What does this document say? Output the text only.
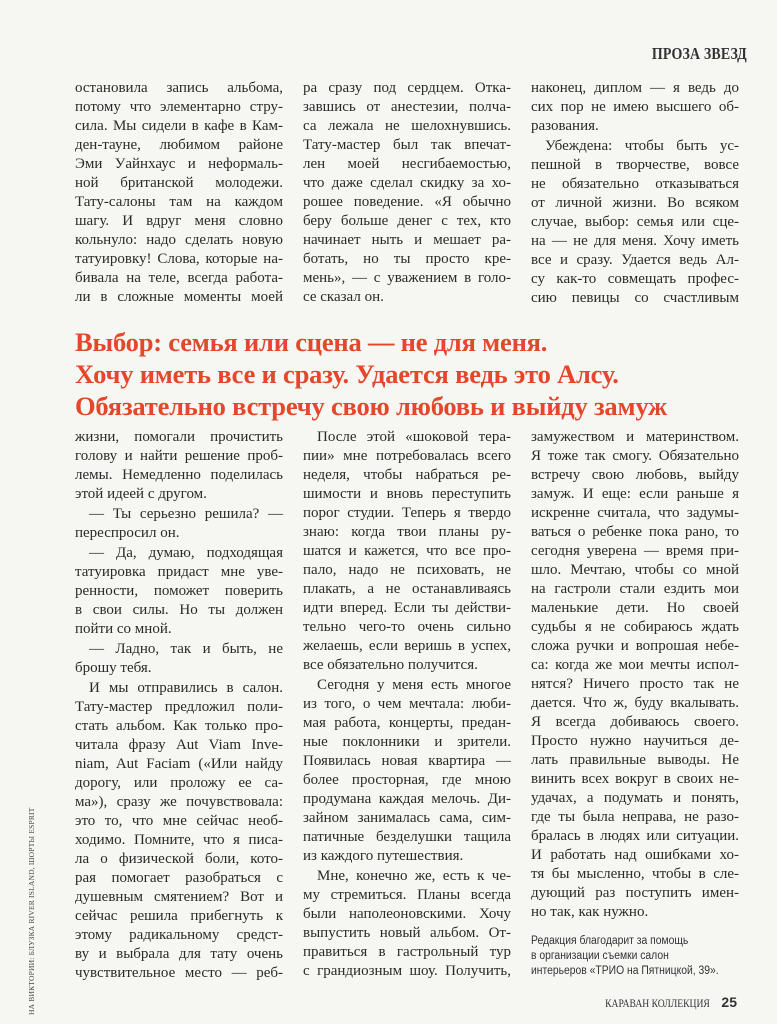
ПРОЗА ЗВЕЗД
остановила запись альбома,
потому что элементарно стру-
сила. Мы сидели в кафе в Кам-
ден-тауне, любимом районе
Эми Уайнхаус и неформаль-
ной британской молодежи.
Тату-салоны там на каждом
шагу. И вдруг меня словно
кольнуло: надо сделать новую
татуировку! Слова, которые на-
бивала на теле, всегда работа-
ли в сложные моменты моей
ра сразу под сердцем. Отка-
завшись от анестезии, полча-
са лежала не шелохнувшись.
Тату-мастер был так впечат-
лен моей несгибаемостью,
что даже сделал скидку за хо-
рошее поведение. «Я обычно
беру больше денег с тех, кто
начинает ныть и мешает ра-
ботать, но ты просто кре-
мень», — с уважением в голо-
се сказал он.
наконец, диплом — я ведь до
сих пор не имею высшего об-
разования.
Убеждена: чтобы быть ус-
пешной в творчестве, вовсе
не обязательно отказываться
от личной жизни. Во всяком
случае, выбор: семья или сце-
на — не для меня. Хочу иметь
все и сразу. Удается ведь Ал-
су как-то совмещать профес-
сию певицы со счастливым
Выбор: семья или сцена — не для меня.
Хочу иметь все и сразу. Удается ведь это Алсу.
Обязательно встречу свою любовь и выйду замуж
жизни, помогали прочистить
голову и найти решение проб-
лемы. Немедленно поделилась
этой идеей с другом.
— Ты серьезно решила? —
переспросил он.
— Да, думаю, подходящая
татуировка придаст мне уве-
ренности, поможет поверить
в свои силы. Но ты должен
пойти со мной.
— Ладно, так и быть, не
брошу тебя.
И мы отправились в салон.
Тату-мастер предложил поли-
стать альбом. Как только про-
читала фразу Aut Viam Inve-
niam, Aut Faciam («Или найду
дорогу, или проложу ее са-
ма»), сразу же почувствовала:
это то, что мне сейчас необ-
ходимо. Помните, что я писа-
ла о физической боли, кото-
рая помогает разобраться с
душевным смятением? Вот и
сейчас решила прибегнуть к
этому радикальному средст-
ву и выбрала для тату очень
чувствительное место — реб-
После этой «шоковой тера-
пии» мне потребовалась всего
неделя, чтобы набраться ре-
шимости и вновь переступить
порог студии. Теперь я твердо
знаю: когда твои планы ру-
шатся и кажется, что все про-
пало, надо не психовать, не
плакать, а не останавливаясь
идти вперед. Если ты действи-
тельно чего-то очень сильно
желаешь, если веришь в успех,
все обязательно получится.
Сегодня у меня есть многое
из того, о чем мечтала: люби-
мая работа, концерты, предан-
ные поклонники и зрители.
Появилась новая квартира —
более просторная, где мною
продумана каждая мелочь. Ди-
зайном занималась сама, сим-
патичные безделушки тащила
из каждого путешествия.
Мне, конечно же, есть к че-
му стремиться. Планы всегда
были наполеоновскими. Хочу
выпустить новый альбом. От-
правиться в гастрольный тур
с грандиозным шоу. Получить,
замужеством и материнством.
Я тоже так смогу. Обязательно
встречу свою любовь, выйду
замуж. И еще: если раньше я
искренне считала, что задумы-
ваться о ребенке пока рано, то
сегодня уверена — время при-
шло. Мечтаю, чтобы со мной
на гастроли стали ездить мои
маленькие дети. Но своей
судьбы я не собираюсь ждать
сложа ручки и вопрошая небе-
са: когда же мои мечты испол-
нятся? Ничего просто так не
дается. Что ж, буду вкалывать.
Я всегда добиваюсь своего.
Просто нужно научиться де-
лать правильные выводы. Не
винить всех вокруг в своих не-
удачах, а подумать и понять,
где ты была неправа, не разо-
бралась в людях или ситуации.
И работать над ошибками хо-
тя бы мысленно, чтобы в сле-
дующий раз поступить имен-
но так, как нужно.
Редакция благодарит за помощь
в организации съемки салон
интерьеров «ТРИО на Пятницкой, 39».
НА ВИКТОРИИ: БЛУЗКА RIVER ISLAND, ШОРТЫ ESPRIT	КАРАВАН КОЛЛЕКЦИЯ 25
